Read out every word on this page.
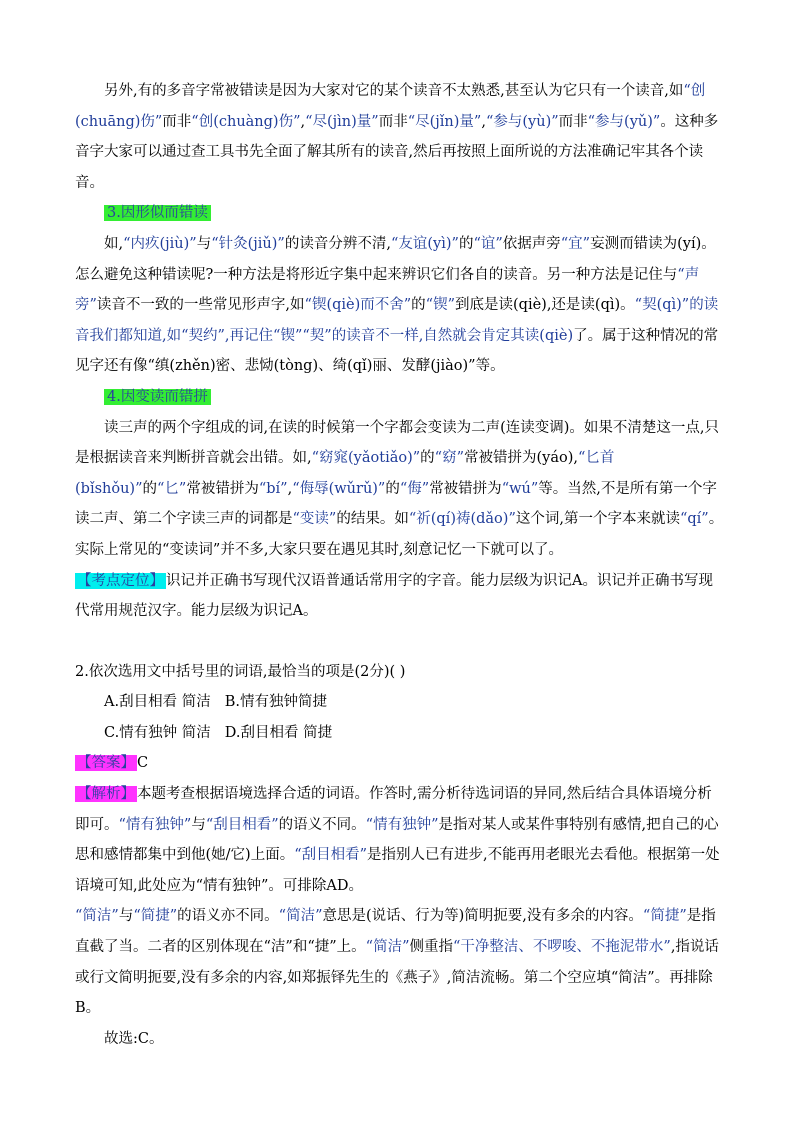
另外,有的多音字常被错读是因为大家对它的某个读音不太熟悉,甚至认为它只有一个读音,如“创(chuāng)伤”而非“创(chuàng)伤”,“尽(jìn)量”而非“尽(jǐn)量”,“参与(yù)”而非“参与(yǔ)”。这种多音字大家可以通过查工具书先全面了解其所有的读音,然后再按照上面所说的方法准确记牢其各个读音。

3.因形似而错读

如,“内疚(jiù)”与“针灸(jiǔ)”的读音分辨不清,“友谊(yì)”的“谊”依据声旁“宜”妄测而错读为(yí)。怎么避免这种错读呢?一种方法是将形近字集中起来辨识它们各自的读音。另一种方法是记住与“声旁”读音不一致的一些常见形声字,如“锲(qiè)而不舍”的“锲”到底是读(qiè),还是读(qì)。“契(qì)”的读音我们都知道,如“契约”,再记住“锲”“契”的读音不一样,自然就会肯定其读(qiè)了。属于这种情况的常见字还有像“缜(zhěn)密、悲恸(tòng)、绮(qǐ)丽、发酵(jiào)”等。

4.因变读而错拼

读三声的两个字组成的词,在读的时候第一个字都会变读为二声(连读变调)。如果不清楚这一点,只是根据读音来判断拼音就会出错。如,“窈窕(yǎotiǎo)”的“窈”常被错拼为(yáo),“匕首(bǐshǒu)”的“匕”常被错拼为“bí”,“侮辱(wǔrǔ)”的“侮”常被错拼为“wú”等。当然,不是所有第一个字读二声、第二个字读三声的词都是“变读”的结果。如“祈(qí)祷(dǎo)”这个词,第一个字本来就读“qí”。实际上常见的“变读词”并不多,大家只要在遇见其时,刻意记忆一下就可以了。

【考点定位】 识记并正确书写现代汉语普通话常用字的字音。能力层级为识记A。识记并正确书写现代常用规范汉字。能力层级为识记A。

2.依次选用文中括号里的词语,最恰当的项是(2分)( )

A.刮目相看 简洁 B.情有独钟简捷

C.情有独钟 简洁 D.刮目相看 简捷

【答案】 C

【解析】 本题考查根据语境选择合适的词语。作答时,需分析待选词语的异同,然后结合具体语境分析即可。“情有独钟”与“刮目相看”的语义不同。“情有独钟”是指对某人或某件事特别有感情,把自己的心思和感情都集中到他(她/它)上面。“刮目相看”是指别人已有进步,不能再用老眼光去看他。根据第一处语境可知,此处应为“情有独钟”。可排除AD。

“简洁”与“简捷”的语义亦不同。“简洁”意思是(说话、行为等)简明扼要,没有多余的内容。“简捷”是指直截了当。二者的区别体现在“洁”和“捷”上。“简洁”侧重指“干净整洁、不啰唆、不拖泥带水”,指说话或行文简明扼要,没有多余的内容,如郑振铎先生的《燕子》,简洁流畅。第二个空应填“简洁”。再排除B。

故选:C。
